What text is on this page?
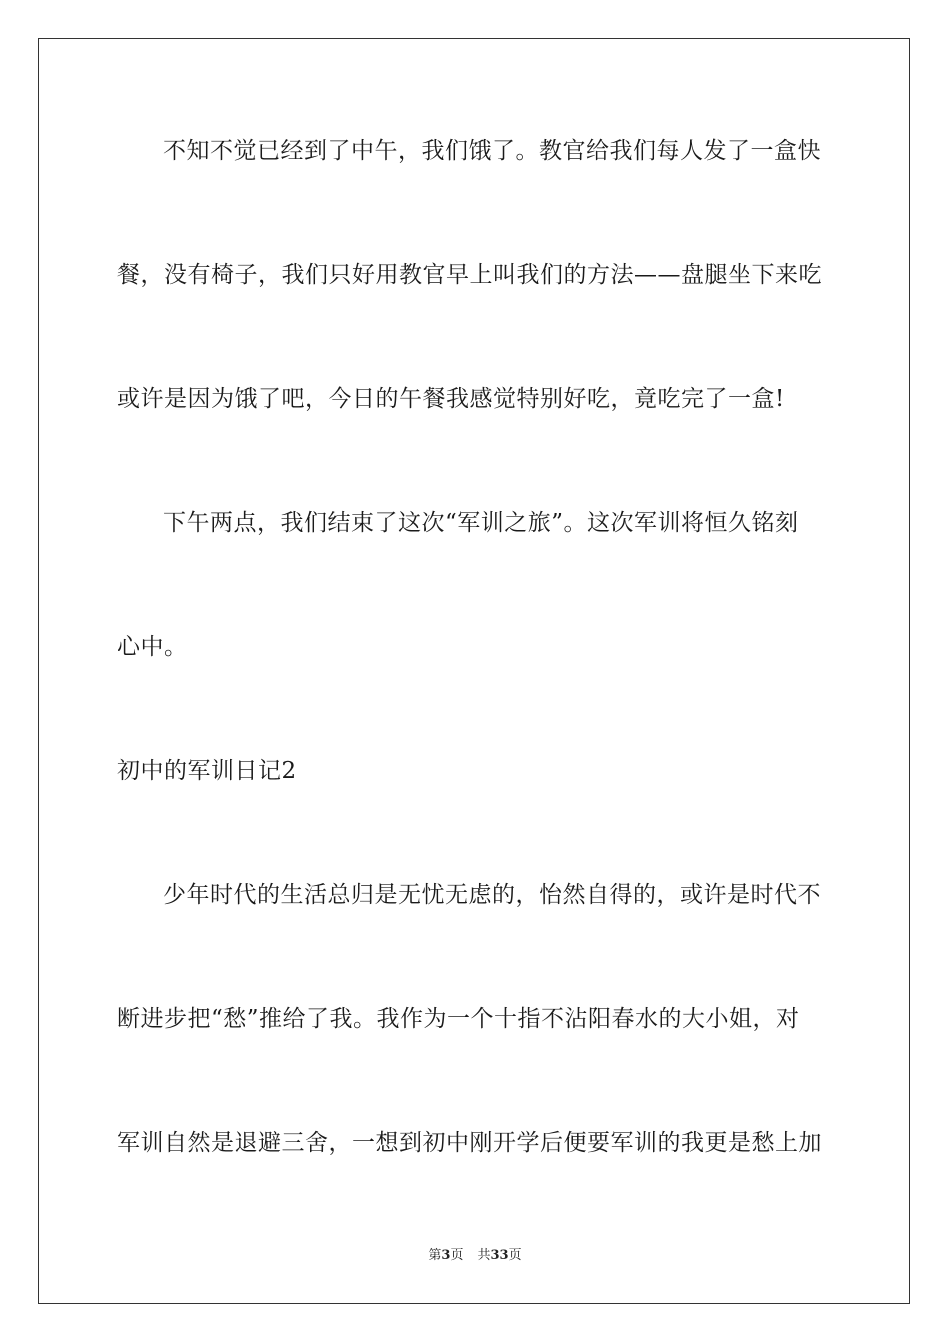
不知不觉已经到了中午，我们饿了。教官给我们每人发了一盒快
餐，没有椅子，我们只好用教官早上叫我们的方法——盘腿坐下来吃
或许是因为饿了吧，今日的午餐我感觉特别好吃，竟吃完了一盒!
下午两点，我们结束了这次“军训之旅”。这次军训将恒久铭刻
心中。
初中的军训日记2
少年时代的生活总归是无忧无虑的，怡然自得的，或许是时代不
断进步把“愁”推给了我。我作为一个十指不沾阳春水的大小姐，对
军训自然是退避三舍，一想到初中刚开学后便要军训的我更是愁上加
第3页 共33页
